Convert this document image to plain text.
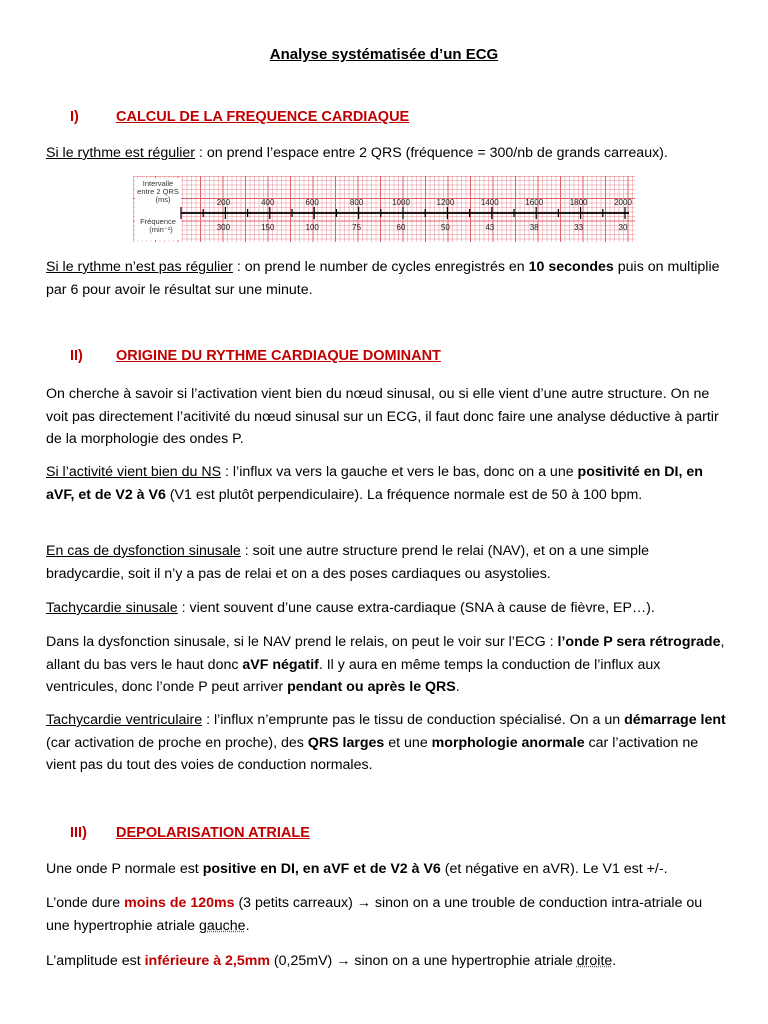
Analyse systématisée d’un ECG
I)	CALCUL DE LA FREQUENCE CARDIAQUE
Si le rythme est régulier : on prend l’espace entre 2 QRS (fréquence = 300/nb de grands carreaux).
Intervalle
entre 2 QRS
(ms)
Fréquence
(min⁻¹)
200	400	600	800	1000	1200	1400	1600	1800	2000
300	150	100	75	60	50	43	38	33	30
Si le rythme n’est pas régulier : on prend le number de cycles enregistrés en 10 secondes puis on multiplie par 6 pour avoir le résultat sur une minute.
II) ORIGINE DU RYTHME CARDIAQUE DOMINANT
On cherche à savoir si l’activation vient bien du nœud sinusal, ou si elle vient d’une autre structure. On ne voit pas directement l’acitivité du nœud sinusal sur un ECG, il faut donc faire une analyse déductive à partir de la morphologie des ondes P.
Si l’activité vient bien du NS : l’influx va vers la gauche et vers le bas, donc on a une positivité en DI, en aVF, et de V2 à V6 (V1 est plutôt perpendiculaire). La fréquence normale est de 50 à 100 bpm.
En cas de dysfonction sinusale : soit une autre structure prend le relai (NAV), et on a une simple bradycardie, soit il n’y a pas de relai et on a des poses cardiaques ou asystolies.
Tachycardie sinusale : vient souvent d’une cause extra-cardiaque (SNA à cause de fièvre, EP…).
Dans la dysfonction sinusale, si le NAV prend le relais, on peut le voir sur l’ECG : l’onde P sera rétrograde, allant du bas vers le haut donc aVF négatif. Il y aura en même temps la conduction de l’influx aux ventricules, donc l’onde P peut arriver pendant ou après le QRS.
Tachycardie ventriculaire : l’influx n’emprunte pas le tissu de conduction spécialisé. On a un démarrage lent (car activation de proche en proche), des QRS larges et une morphologie anormale car l’activation ne vient pas du tout des voies de conduction normales.
III) DEPOLARISATION ATRIALE
Une onde P normale est positive en DI, en aVF et de V2 à V6 (et négative en aVR). Le V1 est +/-.
L’onde dure moins de 120ms (3 petits carreaux) → sinon on a une trouble de conduction intra-atriale ou une hypertrophie atriale gauche.
L’amplitude est inférieure à 2,5mm (0,25mV) → sinon on a une hypertrophie atriale droite.
